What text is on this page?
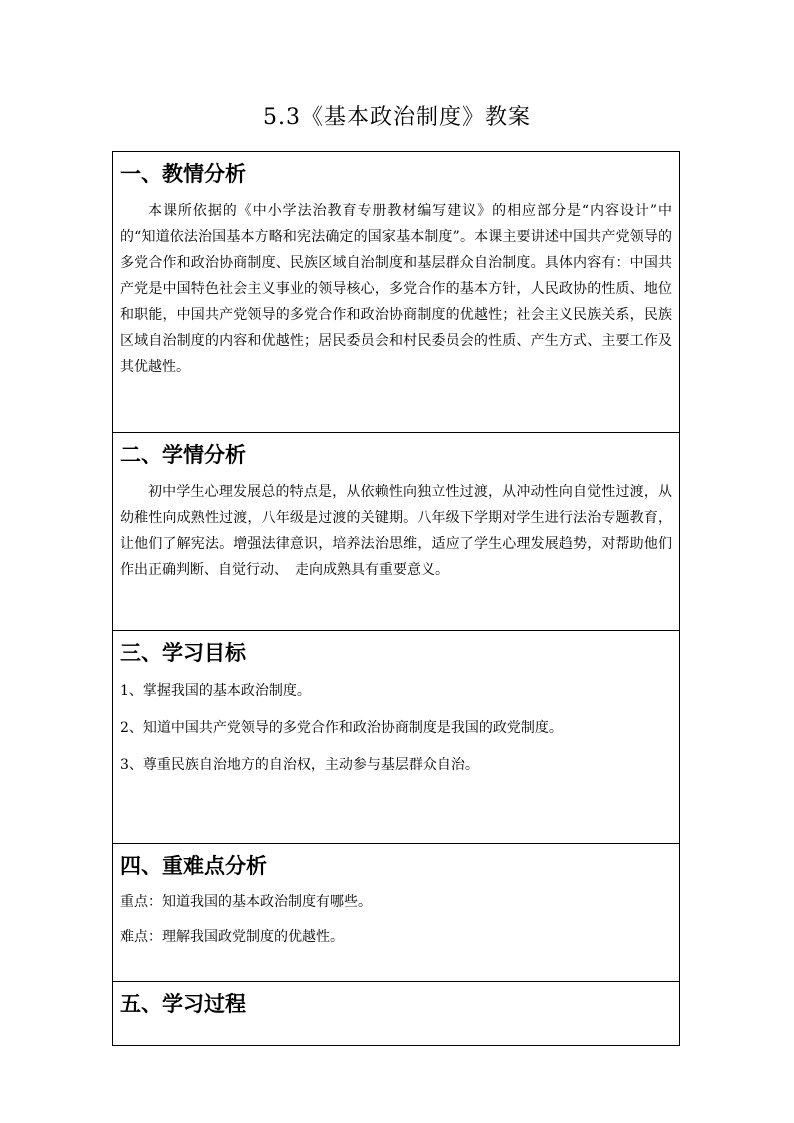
5.3《基本政治制度》教案
一、教情分析
本课所依据的《中小学法治教育专册教材编写建议》的相应部分是“内容设计”中的“知道依法治国基本方略和宪法确定的国家基本制度”。本课主要讲述中国共产党领导的多党合作和政治协商制度、民族区域自治制度和基层群众自治制度。具体内容有：中国共产党是中国特色社会主义事业的领导核心，多党合作的基本方针，人民政协的性质、地位和职能，中国共产党领导的多党合作和政治协商制度的优越性；社会主义民族关系，民族区域自治制度的内容和优越性；居民委员会和村民委员会的性质、产生方式、主要工作及其优越性。
二、学情分析
初中学生心理发展总的特点是，从依赖性向独立性过渡，从冲动性向自觉性过渡，从幼稚性向成熟性过渡，八年级是过渡的关键期。八年级下学期对学生进行法治专题教育，让他们了解宪法。增强法律意识，培养法治思维，适应了学生心理发展趋势，对帮助他们　作出正确判断、自觉行动、　走向成熟具有重要意义。
三、学习目标

1、掌握我国的基本政治制度。

2、知道中国共产党领导的多党合作和政治协商制度是我国的政党制度。

3、尊重民族自治地方的自治权，主动参与基层群众自治。

四、重难点分析

重点：知道我国的基本政治制度有哪些。

难点：理解我国政党制度的优越性。

五、学习过程
